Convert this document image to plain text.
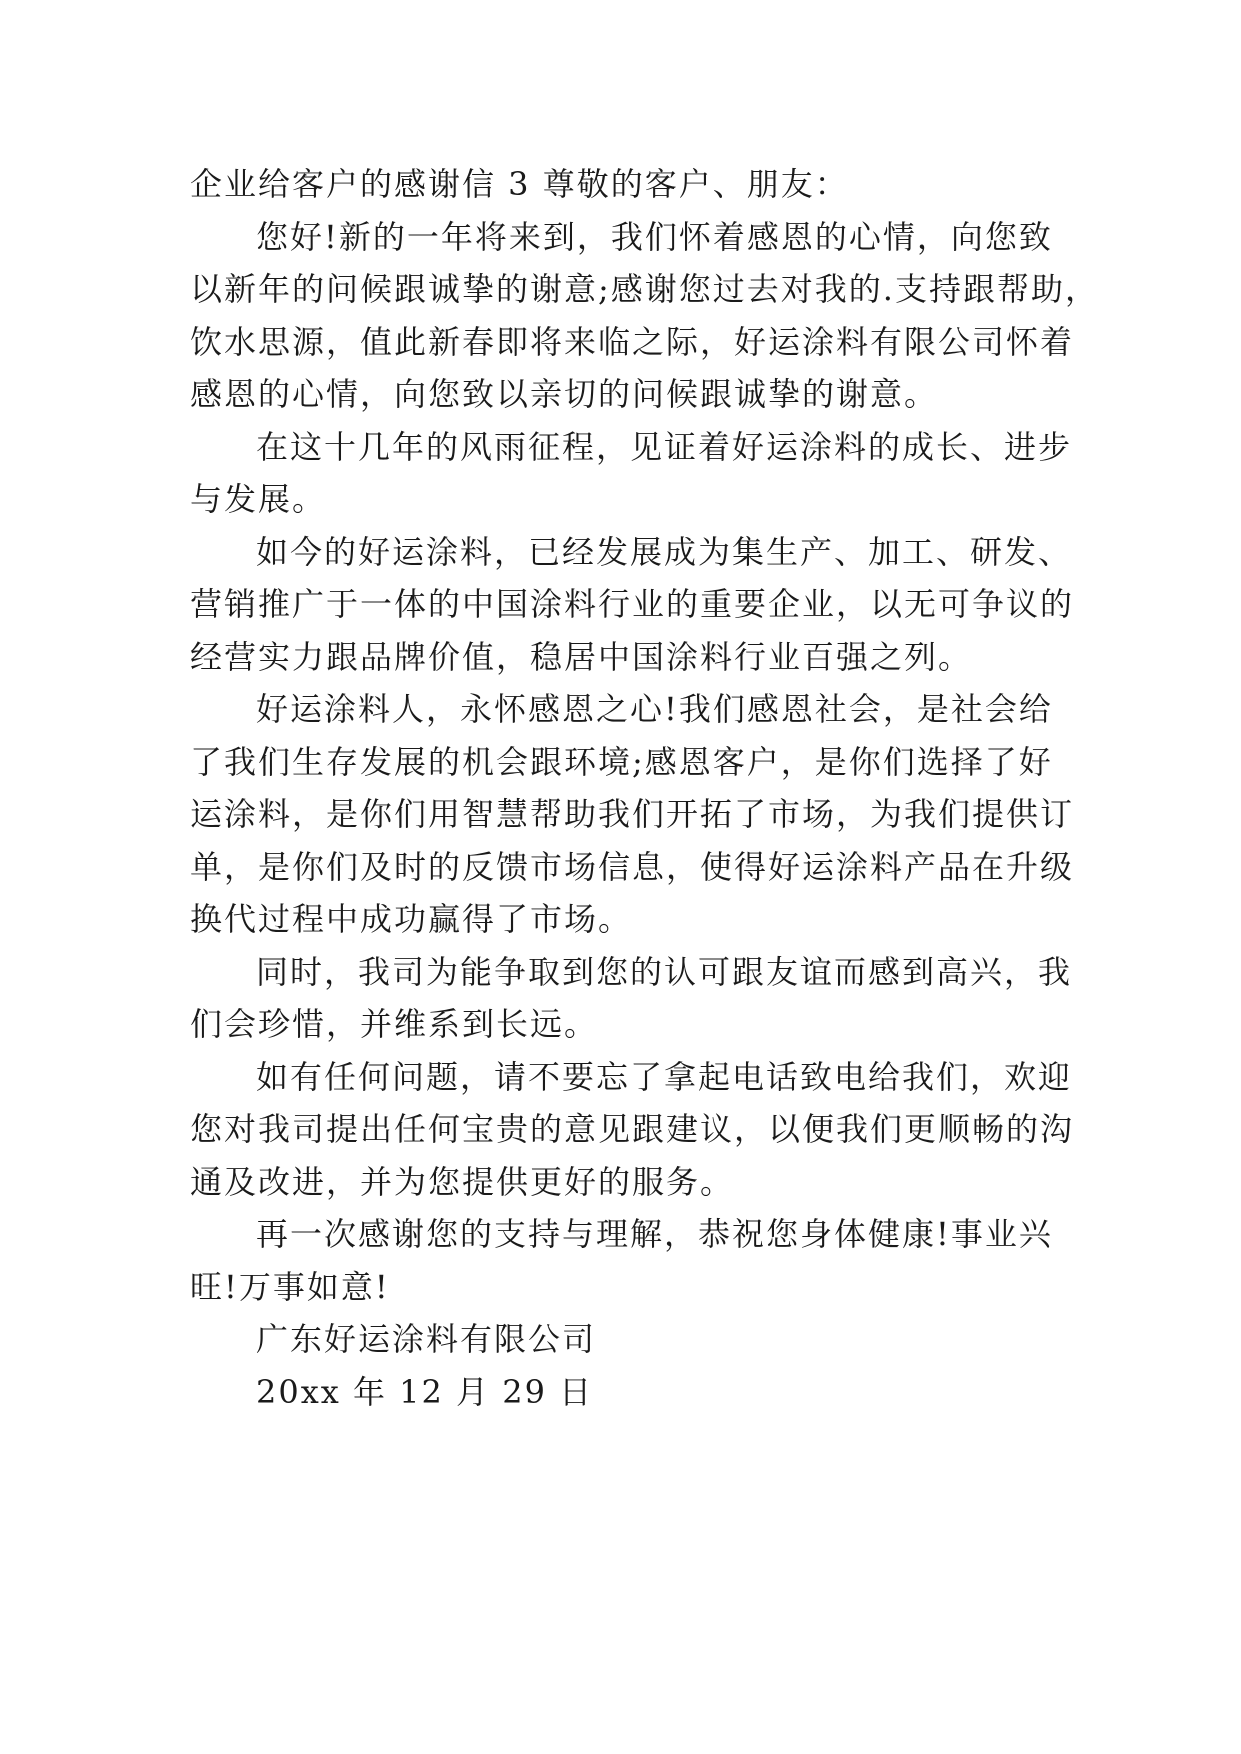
企业给客户的感谢信 3 尊敬的客户、朋友：
您好!新的一年将来到，我们怀着感恩的心情，向您致
以新年的问候跟诚挚的谢意;感谢您过去对我的.支持跟帮助，
饮水思源，值此新春即将来临之际，好运涂料有限公司怀着
感恩的心情，向您致以亲切的问候跟诚挚的谢意。
在这十几年的风雨征程，见证着好运涂料的成长、进步
与发展。
如今的好运涂料，已经发展成为集生产、加工、研发、
营销推广于一体的中国涂料行业的重要企业，以无可争议的
经营实力跟品牌价值，稳居中国涂料行业百强之列。
好运涂料人，永怀感恩之心!我们感恩社会，是社会给
了我们生存发展的机会跟环境;感恩客户，是你们选择了好
运涂料，是你们用智慧帮助我们开拓了市场，为我们提供订
单，是你们及时的反馈市场信息，使得好运涂料产品在升级
换代过程中成功赢得了市场。
同时，我司为能争取到您的认可跟友谊而感到高兴，我
们会珍惜，并维系到长远。
如有任何问题，请不要忘了拿起电话致电给我们，欢迎
您对我司提出任何宝贵的意见跟建议，以便我们更顺畅的沟
通及改进，并为您提供更好的服务。
再一次感谢您的支持与理解，恭祝您身体健康!事业兴
旺!万事如意!
广东好运涂料有限公司
20xx 年 12 月 29 日
